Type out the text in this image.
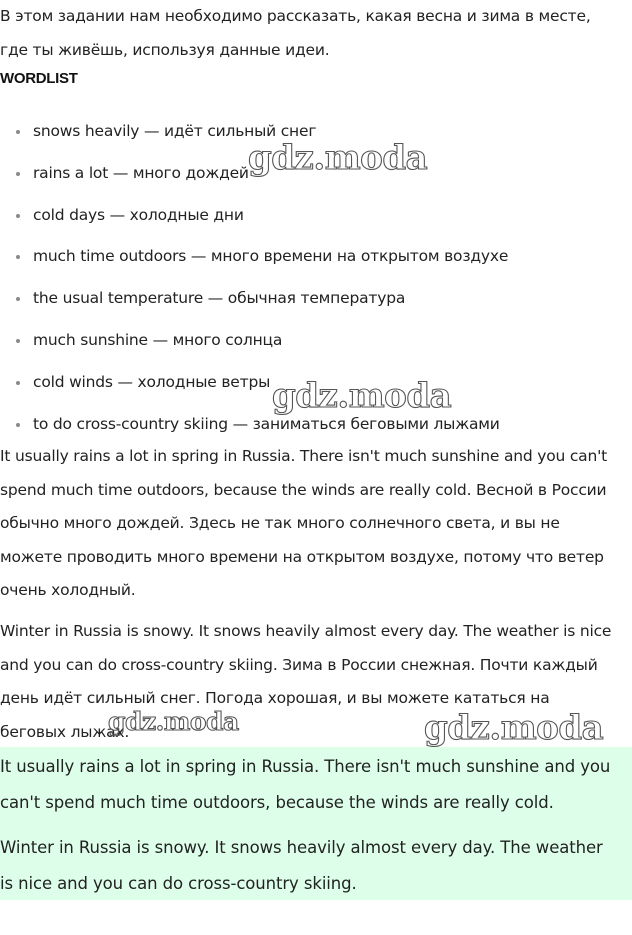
В этом задании нам необходимо рассказать, какая весна и зима в месте, где ты живёшь, используя данные идеи.

WORDLIST
snows heavily — идёт сильный снег
rains a lot — много дождей
cold days — холодные дни
much time outdoors — много времени на открытом воздухе
the usual temperature — обычная температура
much sunshine — много солнца
cold winds — холодные ветры
to do cross-country skiing — заниматься беговыми лыжами

It usually rains a lot in spring in Russia. There isn't much sunshine and you can't spend much time outdoors, because the winds are really cold. Весной в России обычно много дождей. Здесь не так много солнечного света, и вы не можете проводить много времени на открытом воздухе, потому что ветер очень холодный.

Winter in Russia is snowy. It snows heavily almost every day. The weather is nice and you can do cross-country skiing. Зима в России снежная. Почти каждый день идёт сильный снег. Погода хорошая, и вы можете кататься на беговых лыжах.

It usually rains a lot in spring in Russia. There isn't much sunshine and you can't spend much time outdoors, because the winds are really cold.

Winter in Russia is snowy. It snows heavily almost every day. The weather is nice and you can do cross-country skiing.

gdz.moda
gdz.moda
gdz.moda	gdz.moda
